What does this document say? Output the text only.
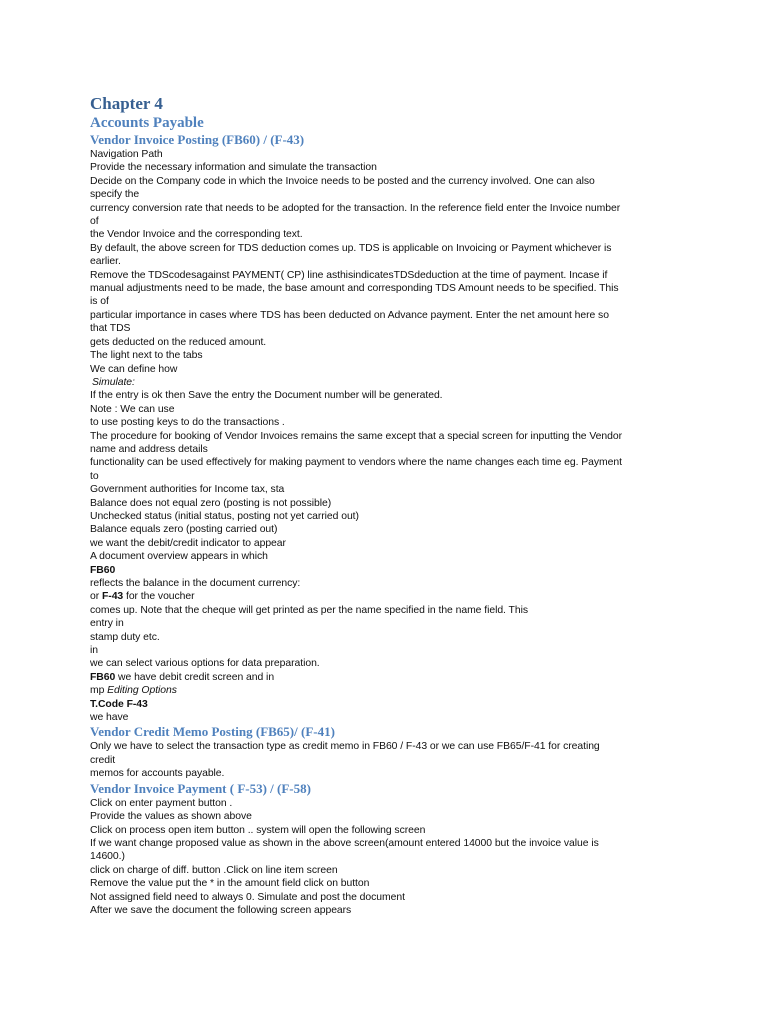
Chapter 4
Accounts Payable
Vendor Invoice Posting (FB60) / (F-43)

Navigation Path

Provide the necessary information and simulate the transaction

Decide on the Company code in which the Invoice needs to be posted and the currency involved. One can also

specify the

currency conversion rate that needs to be adopted for the transaction. In the reference field enter the Invoice number

of

the Vendor Invoice and the corresponding text.

By default, the above screen for TDS deduction comes up. TDS is applicable on Invoicing or Payment whichever is

earlier.

Remove the TDScodesagainst PAYMENT( CP) line asthisindicatesTDSdeduction at the time of payment. Incase if

manual adjustments need to be made, the base amount and corresponding TDS Amount needs to be specified. This

is of

particular importance in cases where TDS has been deducted on Advance payment. Enter the net amount here so

that TDS

gets deducted on the reduced amount.

The light next to the tabs

We can define how

Simulate:

If the entry is ok then Save the entry the Document number will be generated.

Note : We can use

to use posting keys to do the transactions .

The procedure for booking of Vendor Invoices remains the same except that a special screen for inputting the Vendor

name and address details

functionality can be used effectively for making payment to vendors where the name changes each time eg. Payment

to

Government authorities for Income tax, sta

Balance does not equal zero (posting is not possible)

Unchecked status (initial status, posting not yet carried out)

Balance equals zero (posting carried out)

we want the debit/credit indicator to appear

A document overview appears in which

FB60

reflects the balance in the document currency:

or F-43 for the voucher

comes up. Note that the cheque will get printed as per the name specified in the name field. This

entry in

stamp duty etc.

in

we can select various options for data preparation.

FB60 we have debit credit screen and in

mp Editing Options

T.Code F-43

we have

Vendor Credit Memo Posting (FB65)/ (F-41)

Only we have to select the transaction type as credit memo in FB60 / F-43 or we can use FB65/F-41 for creating

credit

memos for accounts payable.

Vendor Invoice Payment ( F-53) / (F-58)

Click on enter payment button .

Provide the values as shown above

Click on process open item button .. system will open the following screen

If we want change proposed value as shown in the above screen(amount entered 14000 but the invoice value is

14600.)

click on charge of diff. button .Click on line item screen

Remove the value put the * in the amount field click on button

Not assigned field need to always 0. Simulate and post the document

After we save the document the following screen appears
